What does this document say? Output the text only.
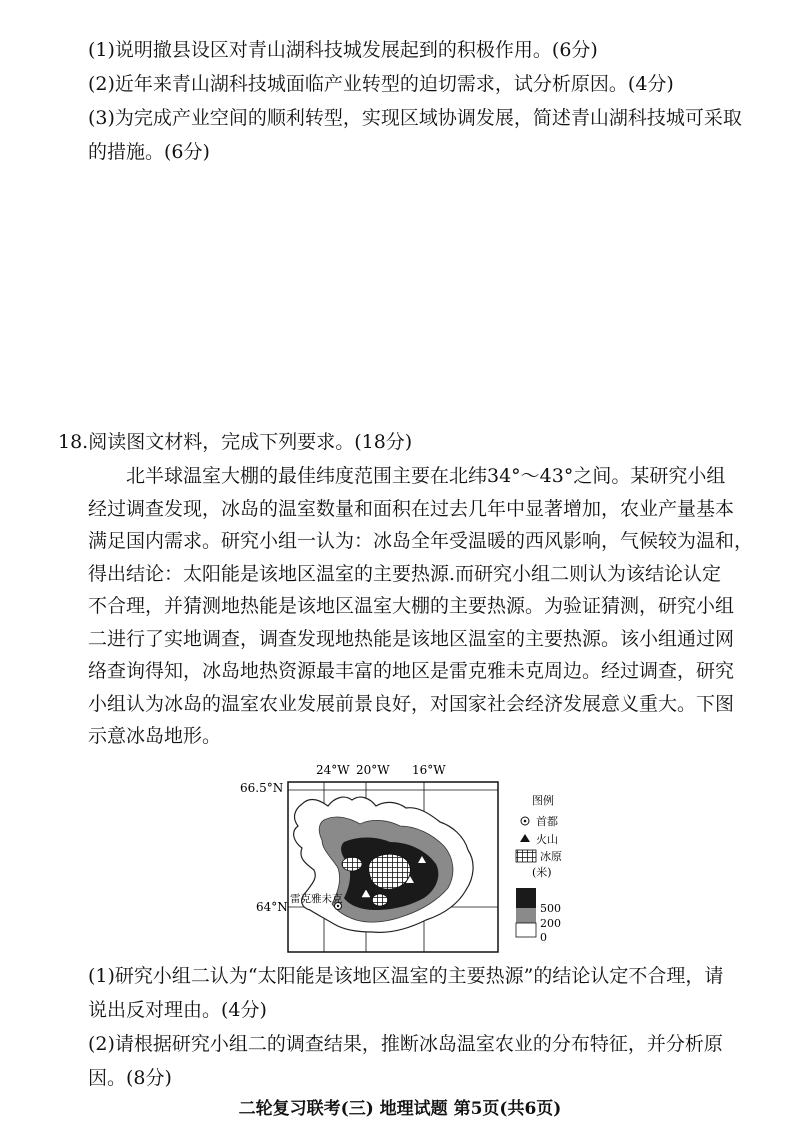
(1)说明撤县设区对青山湖科技城发展起到的积极作用。(6分)
(2)近年来青山湖科技城面临产业转型的迫切需求，试分析原因。(4分)
(3)为完成产业空间的顺利转型，实现区域协调发展，简述青山湖科技城可采取
的措施。(6分)
18.阅读图文材料，完成下列要求。(18分)
北半球温室大棚的最佳纬度范围主要在北纬34°～43°之间。某研究小组
经过调查发现，冰岛的温室数量和面积在过去几年中显著增加，农业产量基本
满足国内需求。研究小组一认为：冰岛全年受温暖的西风影响，气候较为温和，
得出结论：太阳能是该地区温室的主要热源.而研究小组二则认为该结论认定
不合理，并猜测地热能是该地区温室大棚的主要热源。为验证猜测，研究小组
二进行了实地调查，调查发现地热能是该地区温室的主要热源。该小组通过网
络查询得知，冰岛地热资源最丰富的地区是雷克雅未克周边。经过调查，研究
小组认为冰岛的温室农业发展前景良好，对国家社会经济发展意义重大。下图
示意冰岛地形。
24°W 20°W 16°W
66.5°N
64°N
雷克雅未克
图例
首都
火山
冰原
(米)
500
200
0
(1)研究小组二认为“太阳能是该地区温室的主要热源”的结论认定不合理，请
说出反对理由。(4分)
(2)请根据研究小组二的调查结果，推断冰岛温室农业的分布特征，并分析原
因。(8分)
二轮复习联考(三) 地理试题 第5页(共6页)
